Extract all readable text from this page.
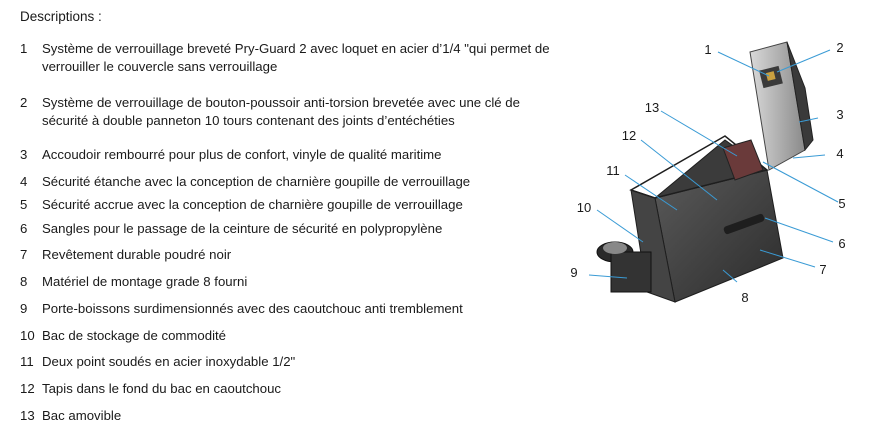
Descriptions :
1	Système de verrouillage breveté Pry-Guard 2 avec loquet en acier d’1/4 "qui permet de verrouiller le couvercle sans verrouillage
2	Système de verrouillage de bouton-poussoir anti-torsion brevetée avec une clé de sécurité à double panneton 10 tours contenant des joints d’entéchéties
3	Accoudoir rembourré pour plus de confort, vinyle de qualité maritime
4	Sécurité étanche avec la conception de charnière goupille de verrouillage
5	Sécurité accrue avec la conception de charnière goupille de verrouillage
6	Sangles pour le passage de la ceinture de sécurité en polypropylène
7	Revêtement durable poudré noir
8	Matériel de montage grade 8 fourni
9	Porte-boissons surdimensionnés avec des caoutchouc anti tremblement
10 Bac de stockage de commodité
11 Deux point soudés en acier inoxydable 1/2"
12 Tapis dans le fond du bac en caoutchouc
13 Bac amovible
1	2
3
4
5
6
7
8
9
10
11
12
13
